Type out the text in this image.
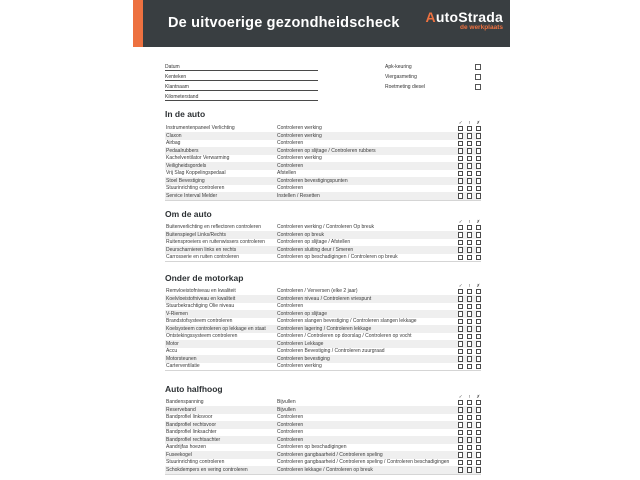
De uitvoerige gezondheidscheck AutoStrada
de werkplaats
Datum
Kenteken
Klantnaam
Kilometerstand
Apk-keuring
Viergasmeting
Roetmeting diesel
In de auto
✓	!	✗
Instrumentenpaneel Verlichting	Controleren werking
Claxon	Controleren werking
Airbag	Controleren
Pedaalrubbers	Controleren op slijtage / Controleren rubbers
Kachelventilator Verwarming	Controleren werking
Veiligheidsgordels	Controleren
Vrij Slag Koppelingspedaal	Afstellen
Stoel Bevestiging	Controleren bevestigingspunten
Stuurinrichting controleren	Controleren
Service Interval Melder	Instellen / Resetten
Om de auto
✓	!	✗
Buitenverlichting en reflectoren controleren	Controleren werking / Controleren Op breuk
Buitenspiegel Links/Rechts	Controleren op breuk
Ruitensproeiers en ruitenwissers controleren	Controleren op slijtage / Afstellen
Deurscharnieren links en rechts	Controleren sluiting deur / Smeren
Carrosserie en ruiten controleren	Controleren op beschadigingen / Controleren op breuk
Onder de motorkap
✓	!	✗
Remvloeistofniveau en kwaliteit	Controleren / Verversen (elke 2 jaar)
Koelvloeistofniveau en kwaliteit	Controleren niveau / Controleren vriespunt
Stuurbekrachtiging Olie niveau	Controleren
V-Riemen	Controleren op slijtage
Brandstofsysteem controleren	Controleren slangen bevestiging / Controleren slangen lekkage
Koelsysteem controleren op lekkage en staat	Controleren lagering / Controleren lekkage
Ontstekingssysteem controleren	Controleren / Controleren op doorslag / Controleren op vocht
Motor	Controleren Lekkage
Accu	Controleren Bevestiging / Controleren zuurgraad
Motorsteunen	Controleren bevestiging
Carterventilatie	Controleren werking
Auto halfhoog
✓	!	✗
Bandenspanning	Bijvullen
Reserveband	Bijvullen
Bandprofiel linksvoor	Controleren
Bandprofiel rechtsvoor	Controleren
Bandprofiel linksachter	Controleren
Bandprofiel rechtsachter	Controleren
Aandrijfas hoezen	Controleren op beschadigingen
Fuseekogel	Controleren gangbaarheid / Controleren speling
Stuurinrichting controleren	Controleren gangbaarheid / Controleren speling / Controleren beschadigingen
Schokdempers en vering controleren	Controleren lekkage / Controleren op breuk
